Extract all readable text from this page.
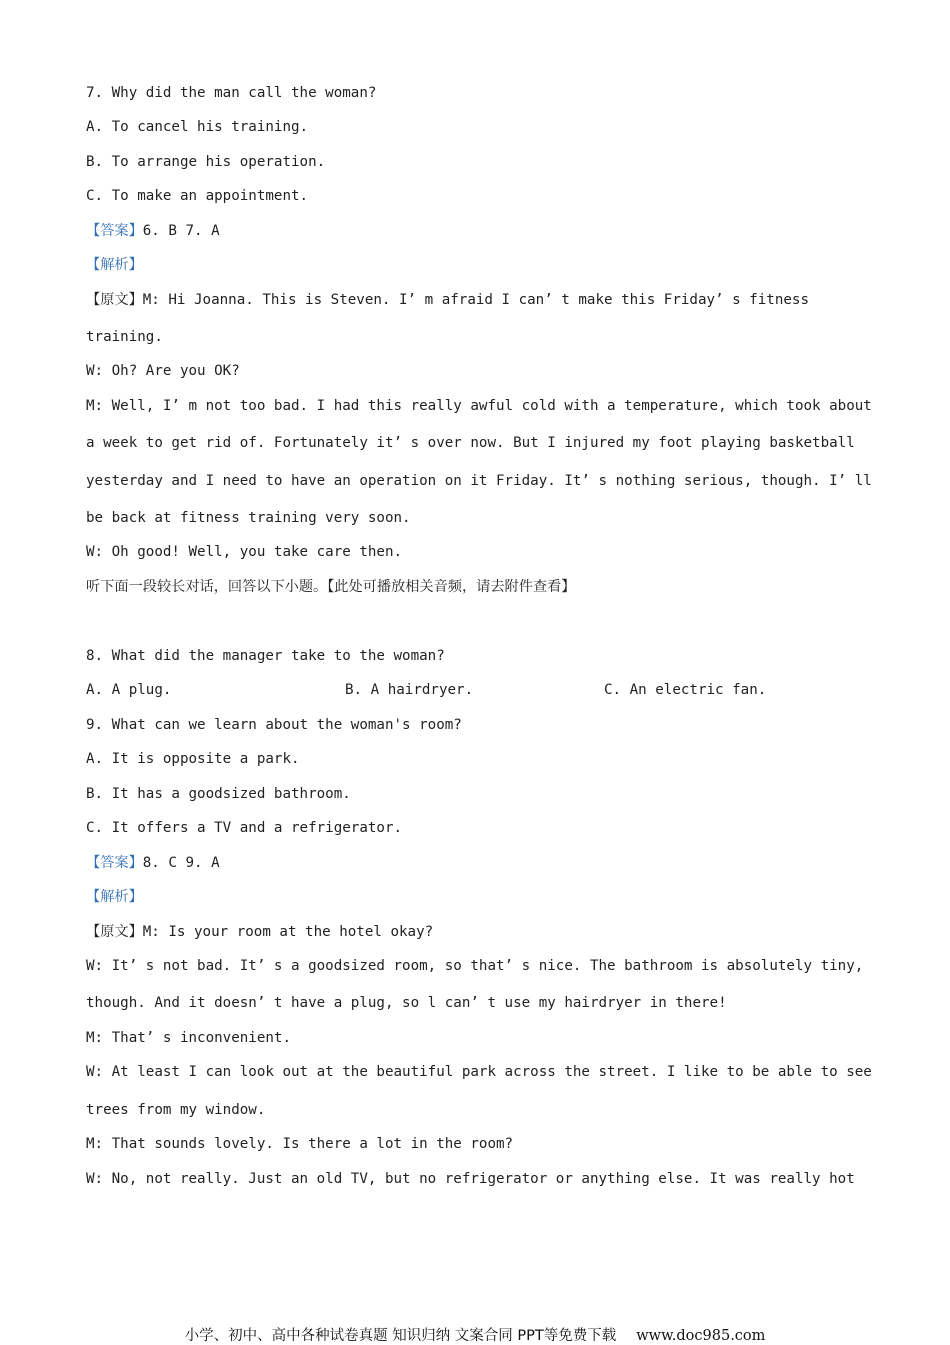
7. Why did the man call the woman?
A. To cancel his training.
B. To arrange his operation.
C. To make an appointment.
【答案】6. B 7. A
【解析】
【原文】M: Hi Joanna. This is Steven. I’ m afraid I can’ t make this Friday’ s fitness
training.
W: Oh? Are you OK?
M: Well, I’ m not too bad. I had this really awful cold with a temperature, which took about
a week to get rid of. Fortunately it’ s over now. But I injured my foot playing basketball
yesterday and I need to have an operation on it Friday. It’ s nothing serious, though. I’ ll
be back at fitness training very soon.
W: Oh good! Well, you take care then.
听下面一段较长对话，回答以下小题。【此处可播放相关音频，请去附件查看】
8. What did the manager take to the woman?
A. A plug.	B. A hairdryer.	C. An electric fan.
9. What can we learn about the woman's room?
A. It is opposite a park.
B. It has a goodsized bathroom.
C. It offers a TV and a refrigerator.
【答案】8. C 9. A
【解析】
【原文】M: Is your room at the hotel okay?
W: It’ s not bad. It’ s a goodsized room, so that’ s nice. The bathroom is absolutely tiny,
though. And it doesn’ t have a plug, so l can’ t use my hairdryer in there!
M: That’ s inconvenient.
W: At least I can look out at the beautiful park across the street. I like to be able to see
trees from my window.
M: That sounds lovely. Is there a lot in the room?
W: No, not really. Just an old TV, but no refrigerator or anything else. It was really hot
小学、初中、高中各种试卷真题 知识归纳 文案合同 PPT等免费下载 www.doc985.com
